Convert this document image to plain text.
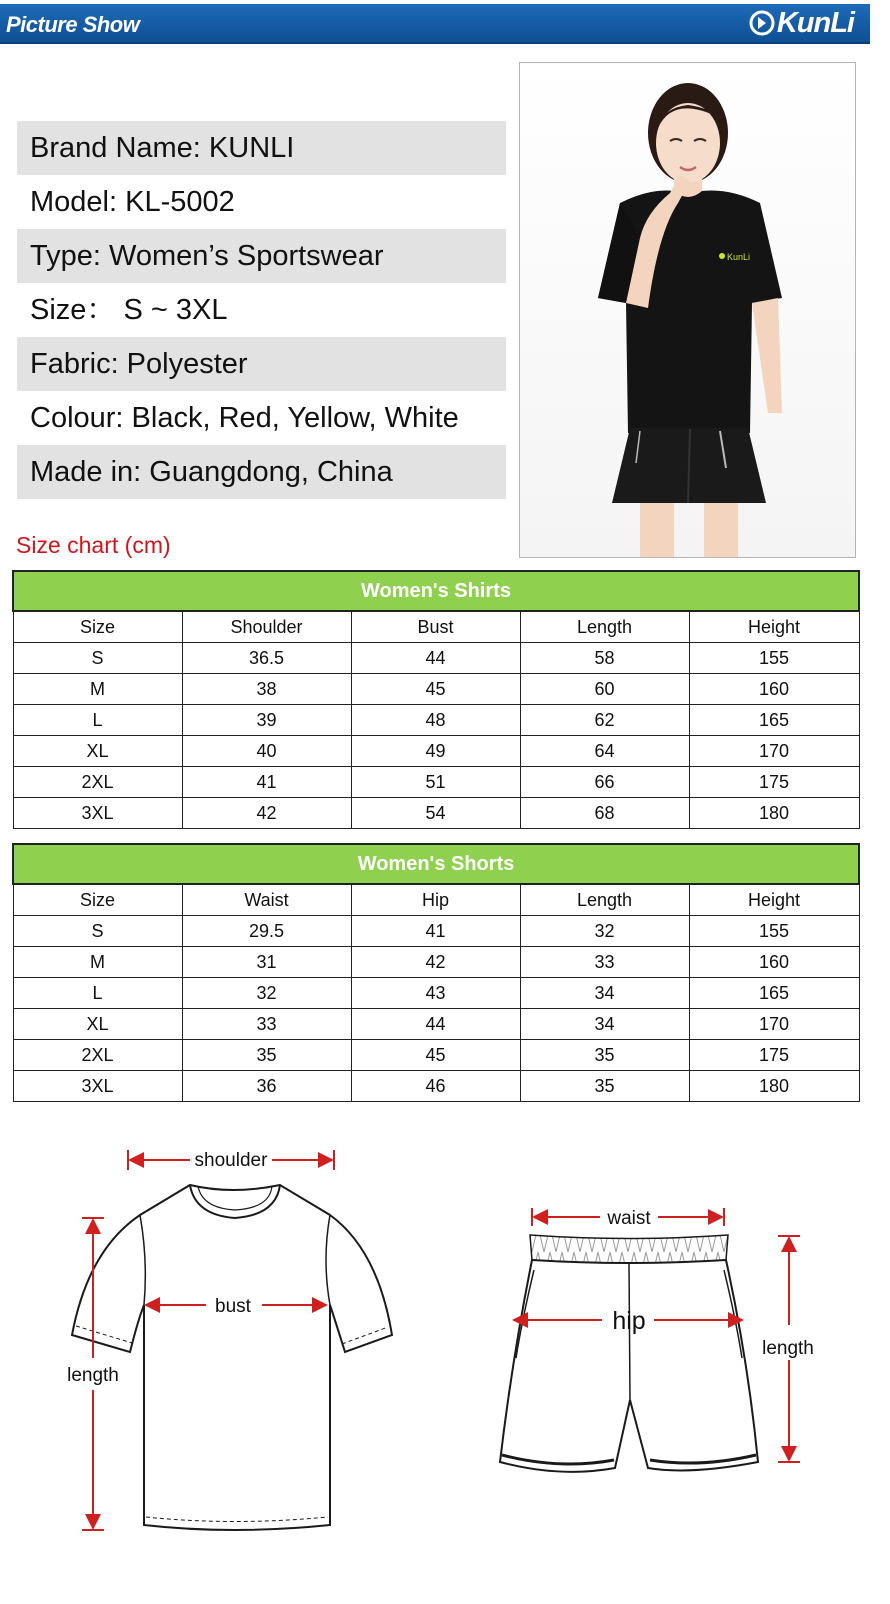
Picture Show	KunLi
Brand Name: KUNLI
Model: KL-5002
Type: Women’s Sportswear
Size： S ~ 3XL
Fabric: Polyester
Colour: Black, Red, Yellow, White
Made in: Guangdong, China
KunLi
Size chart (cm)
Women's Shirts				
Size	Shoulder	Bust	Length	Height
S	36.5	44	58	155
M	38	45	60	160
L	39	48	62	165
XL	40	49	64	170
2XL	41	51	66	175
3XL	42	54	68	180
Women's Shorts				
Size	Waist	Hip	Length	Height
S	29.5	41	32	155
M	31	42	33	160
L	32	43	34	165
XL	33	44	34	170
2XL	35	45	35	175
3XL	36	46	35	180
shoulder
bust
length
waist
hip
length
